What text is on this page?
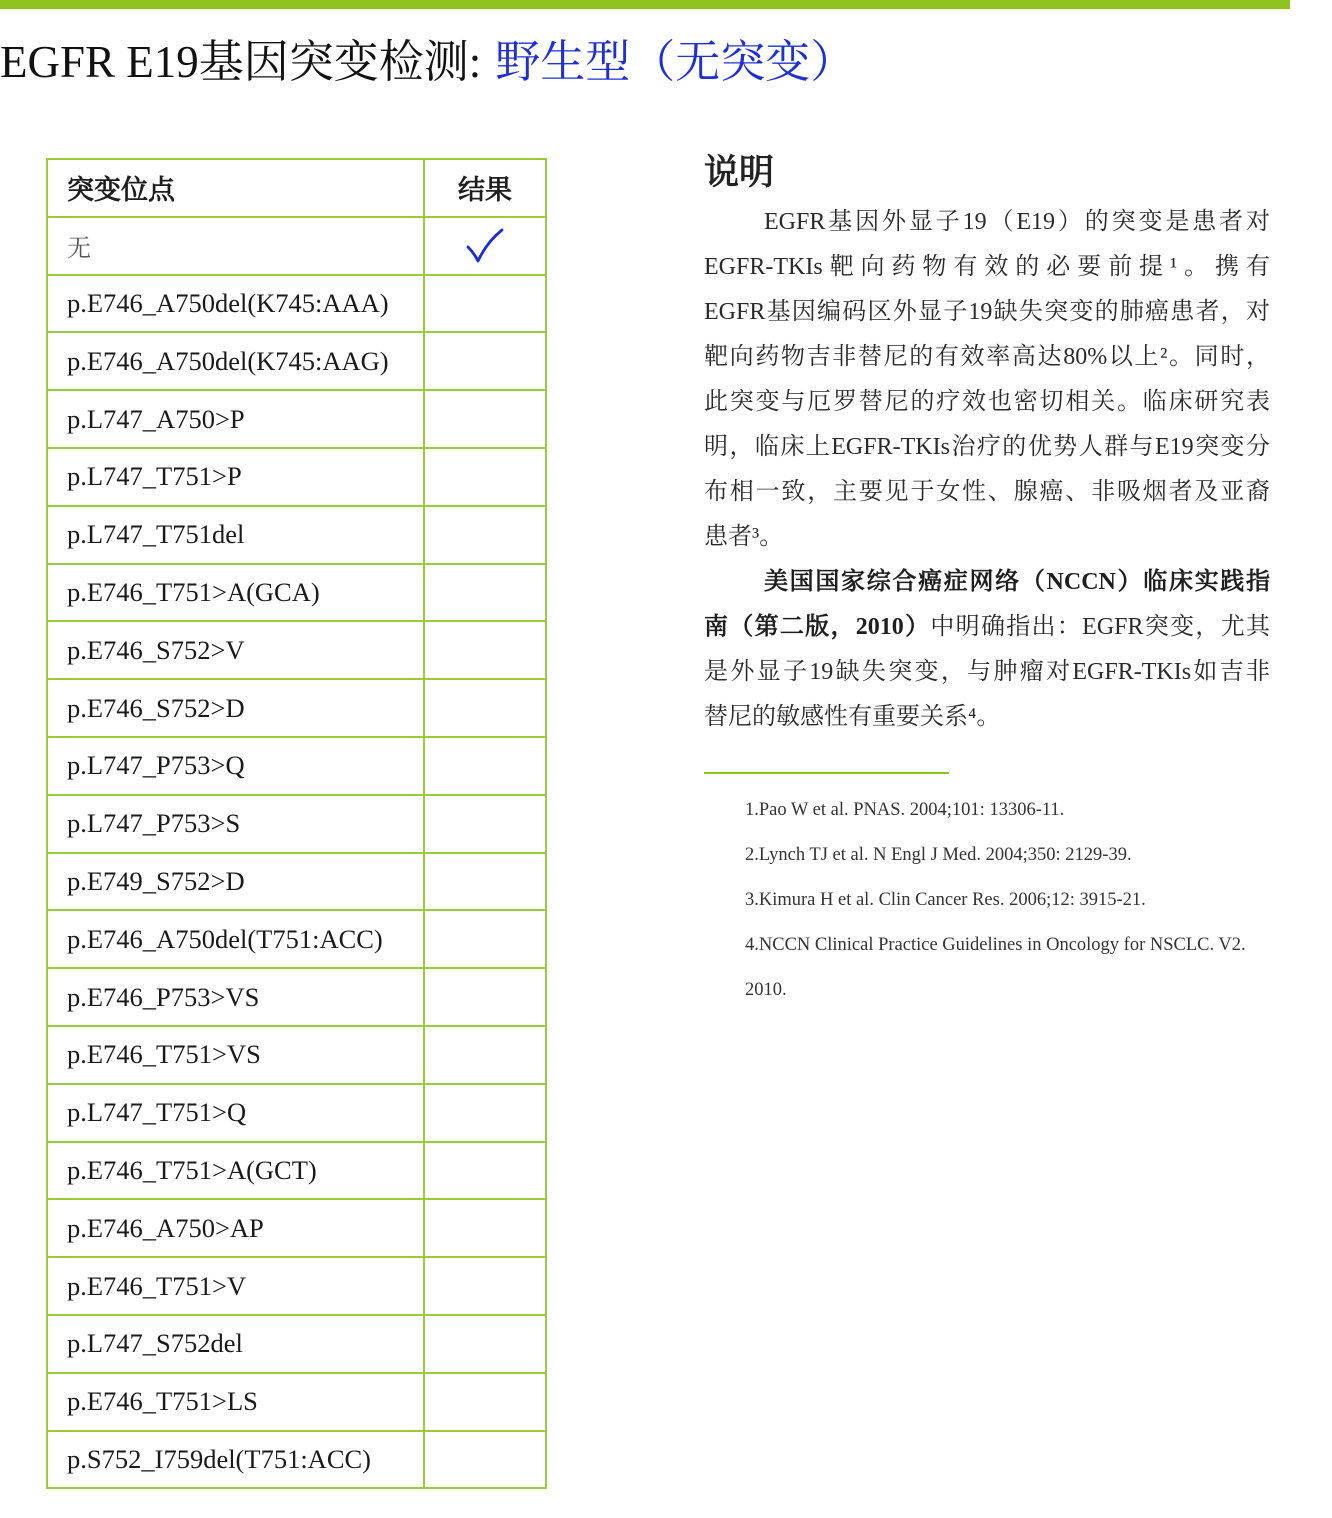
EGFR E19基因突变检测: 野生型（无突变）
突变位点	结果
无	

p.E746_A750del(K745:AAA)	
p.E746_A750del(K745:AAG)	
p.L747_A750>P	
p.L747_T751>P	
p.L747_T751del	
p.E746_T751>A(GCA)	
p.E746_S752>V	
p.E746_S752>D	
p.L747_P753>Q	
p.L747_P753>S	
p.E749_S752>D	
p.E746_A750del(T751:ACC)	
p.E746_P753>VS	
p.E746_T751>VS	
p.L747_T751>Q	
p.E746_T751>A(GCT)	
p.E746_A750>AP	
p.E746_T751>V	
p.L747_S752del	
p.E746_T751>LS	
p.S752_I759del(T751:ACC)	
说明
EGFR基因外显子19（E19）的突变是患者对
EGFR-TKIs靶向药物有效的必要前提¹。携有
EGFR基因编码区外显子19缺失突变的肺癌患者，对
靶向药物吉非替尼的有效率高达80%以上²。同时，
此突变与厄罗替尼的疗效也密切相关。临床研究表
明，临床上EGFR-TKIs治疗的优势人群与E19突变分
布相一致，主要见于女性、腺癌、非吸烟者及亚裔
患者³。
美国国家综合癌症网络（NCCN）临床实践指
南（第二版，2010）中明确指出：EGFR突变，尤其
是外显子19缺失突变，与肿瘤对EGFR-TKIs如吉非
替尼的敏感性有重要关系⁴。
1.Pao W et al. PNAS. 2004;101: 13306-11.
2.Lynch TJ et al. N Engl J Med. 2004;350: 2129-39.
3.Kimura H et al. Clin Cancer Res. 2006;12: 3915-21.
4.NCCN Clinical Practice Guidelines in Oncology for NSCLC. V2. 2010.
